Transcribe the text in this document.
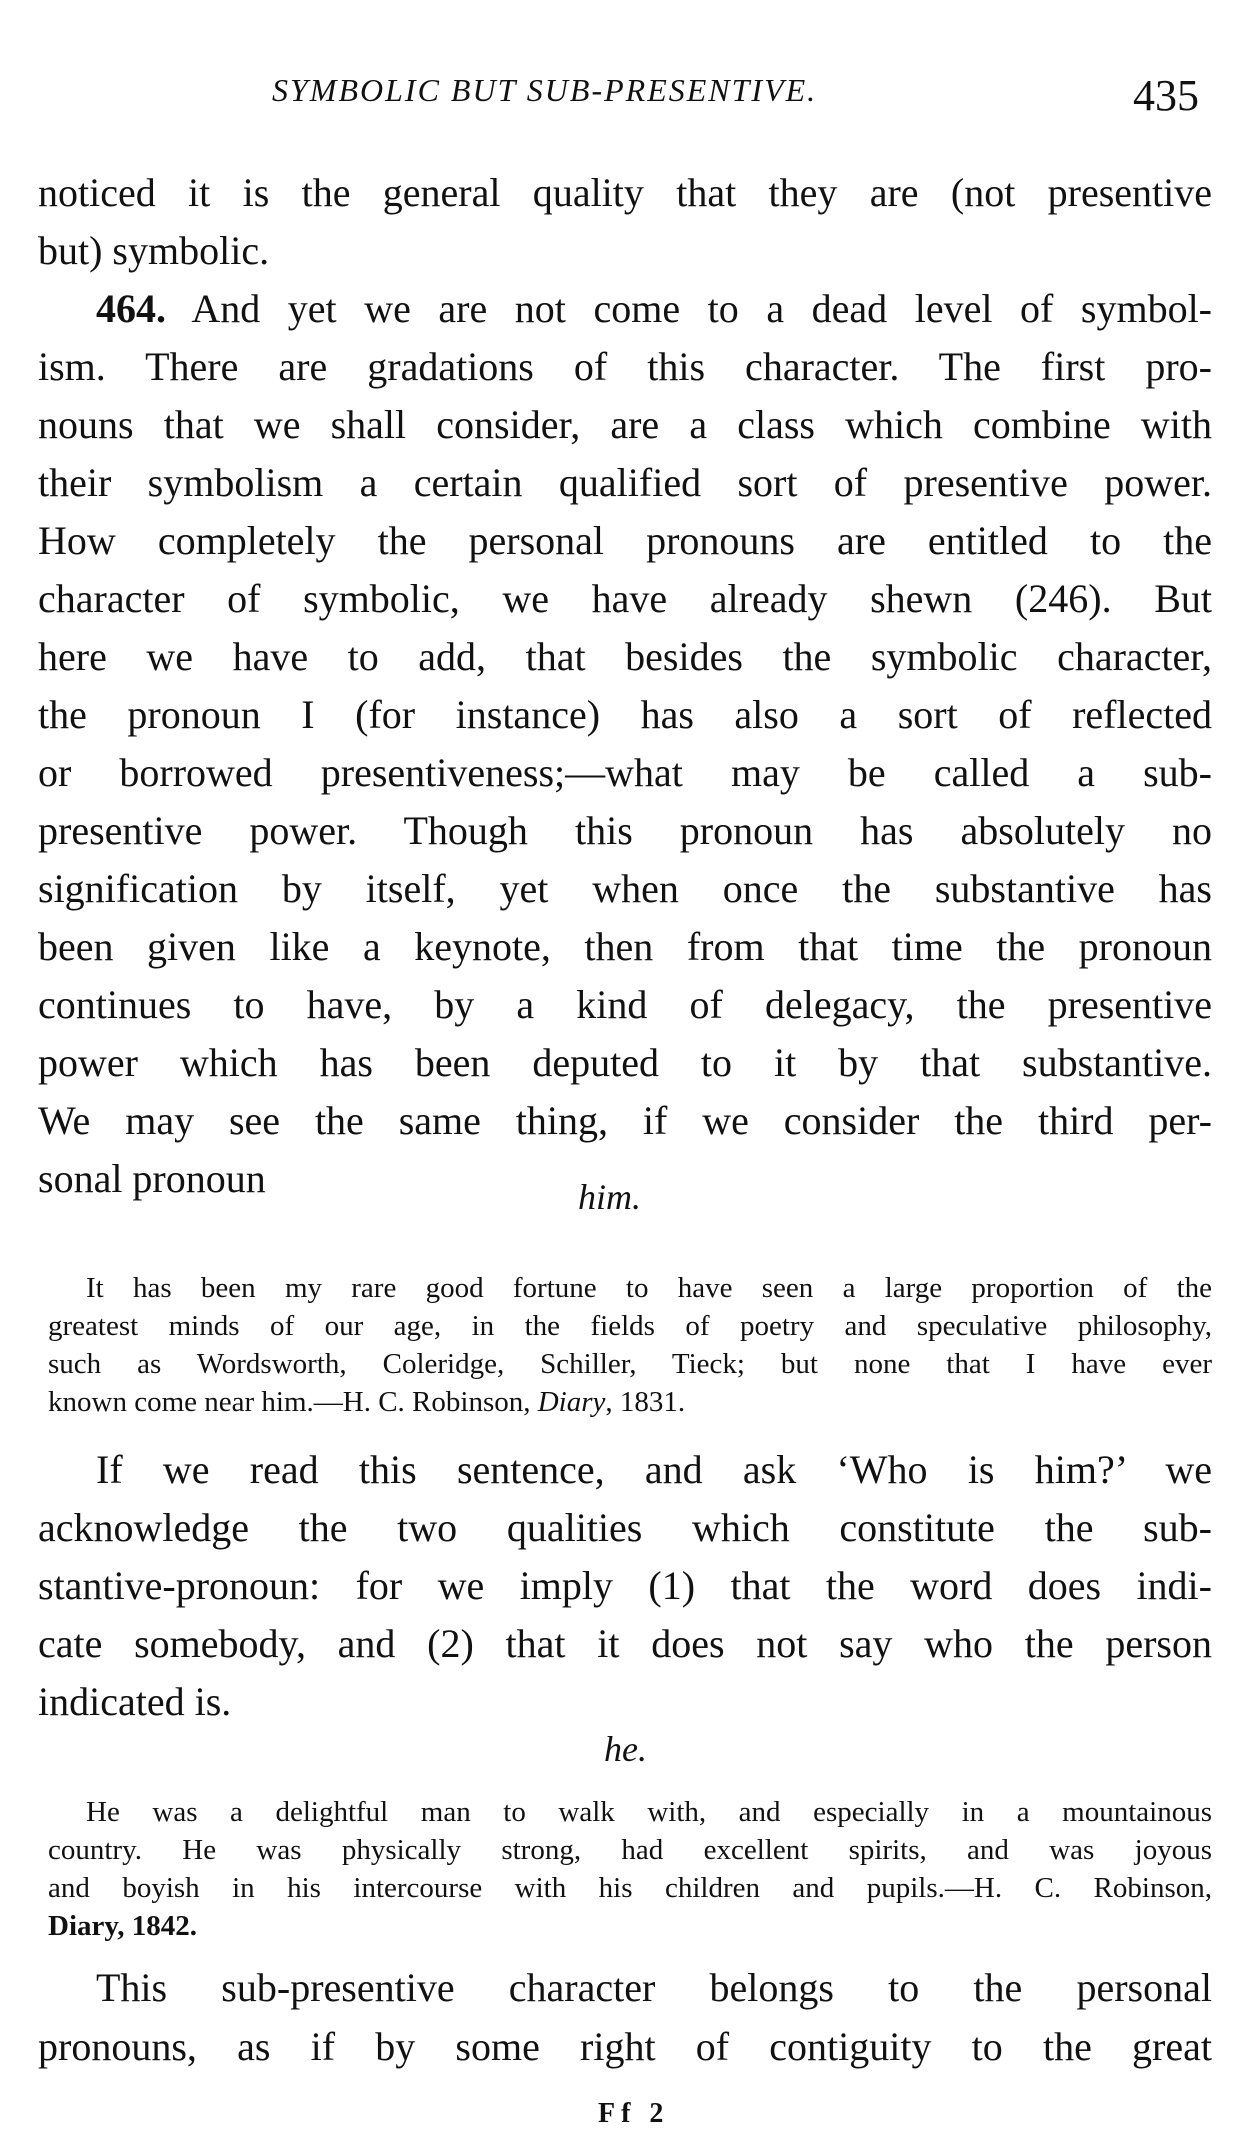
SYMBOLIC BUT SUB-PRESENTIVE.	435
noticed it is the general quality that they are (not presentive
but) symbolic.
464. And yet we are not come to a dead level of symbol-
ism. There are gradations of this character. The first pro-
nouns that we shall consider, are a class which combine with
their symbolism a certain qualified sort of presentive power.
How completely the personal pronouns are entitled to the
character of symbolic, we have already shewn (246). But
here we have to add, that besides the symbolic character,
the pronoun I (for instance) has also a sort of reflected
or borrowed presentiveness;—what may be called a sub-
presentive power. Though this pronoun has absolutely no
signification by itself, yet when once the substantive has
been given like a keynote, then from that time the pronoun
continues to have, by a kind of delegacy, the presentive
power which has been deputed to it by that substantive.
We may see the same thing, if we consider the third per-
sonal pronoun	him.
It has been my rare good fortune to have seen a large proportion of the
greatest minds of our age, in the fields of poetry and speculative philosophy,
such as Wordsworth, Coleridge, Schiller, Tieck; but none that I have ever
known come near him.—H. C. Robinson, Diary, 1831.
If we read this sentence, and ask ‘Who is him?’ we
acknowledge the two qualities which constitute the sub-
stantive-pronoun: for we imply (1) that the word does indi-
cate somebody, and (2) that it does not say who the person
indicated is.
he.
He was a delightful man to walk with, and especially in a mountainous
country. He was physically strong, had excellent spirits, and was joyous
and boyish in his intercourse with his children and pupils.—H. C. Robinson,
Diary, 1842.
This sub-presentive character belongs to the personal
pronouns, as if by some right of contiguity to the great
Ff 2
